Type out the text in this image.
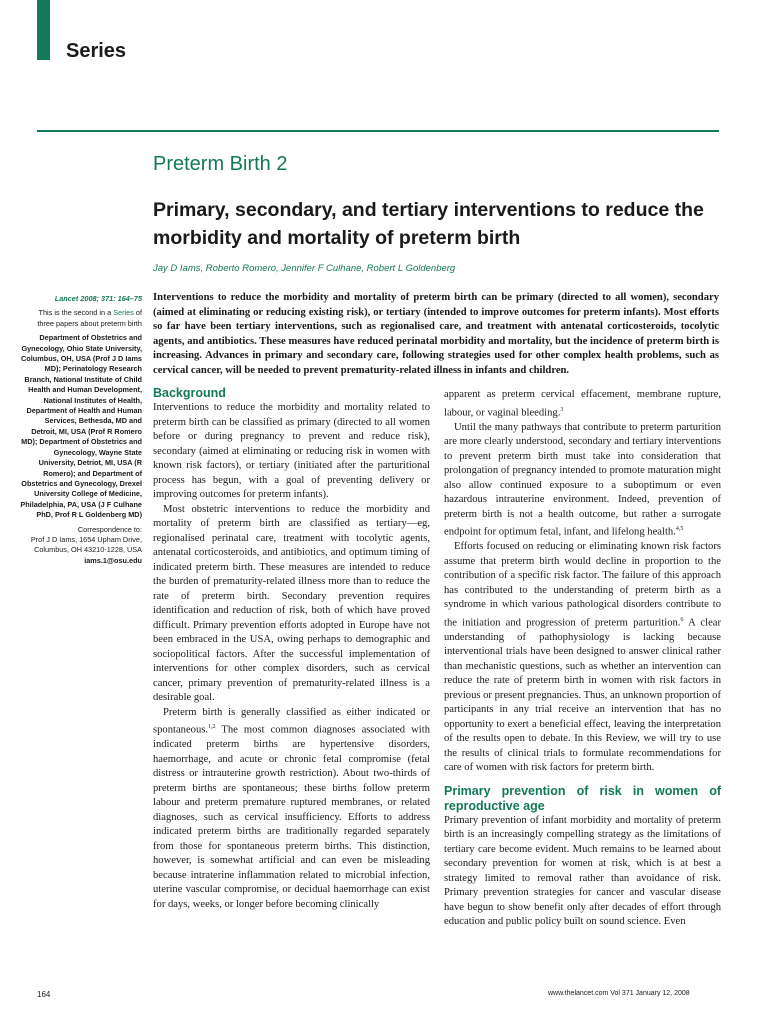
Series
Preterm Birth 2
Primary, secondary, and tertiary interventions to reduce the morbidity and mortality of preterm birth
Jay D Iams, Roberto Romero, Jennifer F Culhane, Robert L Goldenberg

Lancet 2008; 371: 164–75

This is the second in a Series of three papers about preterm birth

Department of Obstetrics and Gynecology, Ohio State University, Columbus, OH, USA (Prof J D Iams MD); Perinatology Research Branch, National Institute of Child Health and Human Development, National Institutes of Health, Department of Health and Human Services, Bethesda, MD and Detroit, MI, USA (Prof R Romero MD); Department of Obstetrics and Gynecology, Wayne State University, Detriot, MI, USA (R Romero); and Department of Obstetrics and Gynecology, Drexel University College of Medicine, Philadelphia, PA, USA (J F Culhane PhD, Prof R L Goldenberg MD)

Correspondence to:
Prof J D Iams, 1654 Upham Drive, Columbus, OH 43210-1228, USA
iams.1@osu.edu

Interventions to reduce the morbidity and mortality of preterm birth can be primary (directed to all women), secondary (aimed at eliminating or reducing existing risk), or tertiary (intended to improve outcomes for preterm infants). Most efforts so far have been tertiary interventions, such as regionalised care, and treatment with antenatal corticosteroids, tocolytic agents, and antibiotics. These measures have reduced perinatal morbidity and mortality, but the incidence of preterm birth is increasing. Advances in primary and secondary care, following strategies used for other complex health problems, such as cervical cancer, will be needed to prevent prematurity-related illness in infants and children.
Background

Interventions to reduce the morbidity and mortality related to preterm birth can be classified as primary (directed to all women before or during pregnancy to prevent and reduce risk), secondary (aimed at eliminating or reducing risk in women with known risk factors), or tertiary (initiated after the parturitional process has begun, with a goal of preventing delivery or improving outcomes for preterm infants).

Most obstetric interventions to reduce the morbidity and mortality of preterm birth are classified as tertiary—eg, regionalised perinatal care, treatment with tocolytic agents, antenatal corticosteroids, and antibiotics, and optimum timing of indicated preterm birth. These measures are intended to reduce the burden of prematurity-related illness more than to reduce the rate of preterm birth. Secondary prevention requires identification and reduction of risk, both of which have proved difficult. Primary prevention efforts adopted in Europe have not been embraced in the USA, owing perhaps to demographic and sociopolitical factors. After the successful implementation of interventions for other complex disorders, such as cervical cancer, primary prevention of prematurity-related illness is a desirable goal.

Preterm birth is generally classified as either indicated or spontaneous.$^{1,2}$ The most common diagnoses associated with indicated preterm births are hypertensive disorders, haemorrhage, and acute or chronic fetal compromise (fetal distress or intrauterine growth restriction). About two-thirds of preterm births are spontaneous; these births follow preterm labour and preterm premature ruptured membranes, or related diagnoses, such as cervical insufficiency. Efforts to address indicated preterm births are traditionally regarded separately from those for spontaneous preterm births. This distinction, however, is somewhat artificial and can even be misleading because intraterine inflammation related to microbial infection, uterine vascular compromise, or decidual haemorrhage can exist for days, weeks, or longer before becoming clinically

apparent as preterm cervical effacement, membrane rupture, labour, or vaginal bleeding.$^3$

Until the many pathways that contribute to preterm parturition are more clearly understood, secondary and tertiary interventions to prevent preterm birth must take into consideration that prolongation of pregnancy intended to promote maturation might also allow continued exposure to a suboptimum or even hazardous intrauterine environment. Indeed, prevention of preterm birth is not a health outcome, but rather a surrogate endpoint for optimum fetal, infant, and lifelong health.$^{4,5}$

Efforts focused on reducing or eliminating known risk factors assume that preterm birth would decline in proportion to the contribution of a specific risk factor. The failure of this approach has contributed to the understanding of preterm birth as a syndrome in which various pathological disorders contribute to the initiation and progression of preterm parturition.$^6$ A clear understanding of pathophysiology is lacking because interventional trials have been designed to answer clinical rather than mechanistic questions, such as whether an intervention can reduce the rate of preterm birth in women with risk factors in previous or present pregnancies. Thus, an unknown proportion of participants in any trial receive an intervention that has no opportunity to exert a beneficial effect, leaving the interpretation of the results open to debate. In this Review, we will try to use the results of clinical trials to formulate recommendations for care of women with risk factors for preterm birth.

Primary prevention of risk in women of reproductive age

Primary prevention of infant morbidity and mortality of preterm birth is an increasingly compelling strategy as the limitations of tertiary care become evident. Much remains to be learned about secondary prevention for women at risk, which is at best a strategy limited to removal rather than avoidance of risk. Primary prevention strategies for cancer and vascular disease have begun to show benefit only after decades of effort through education and public policy built on sound science. Even

164	www.thelancet.com Vol 371 January 12, 2008
